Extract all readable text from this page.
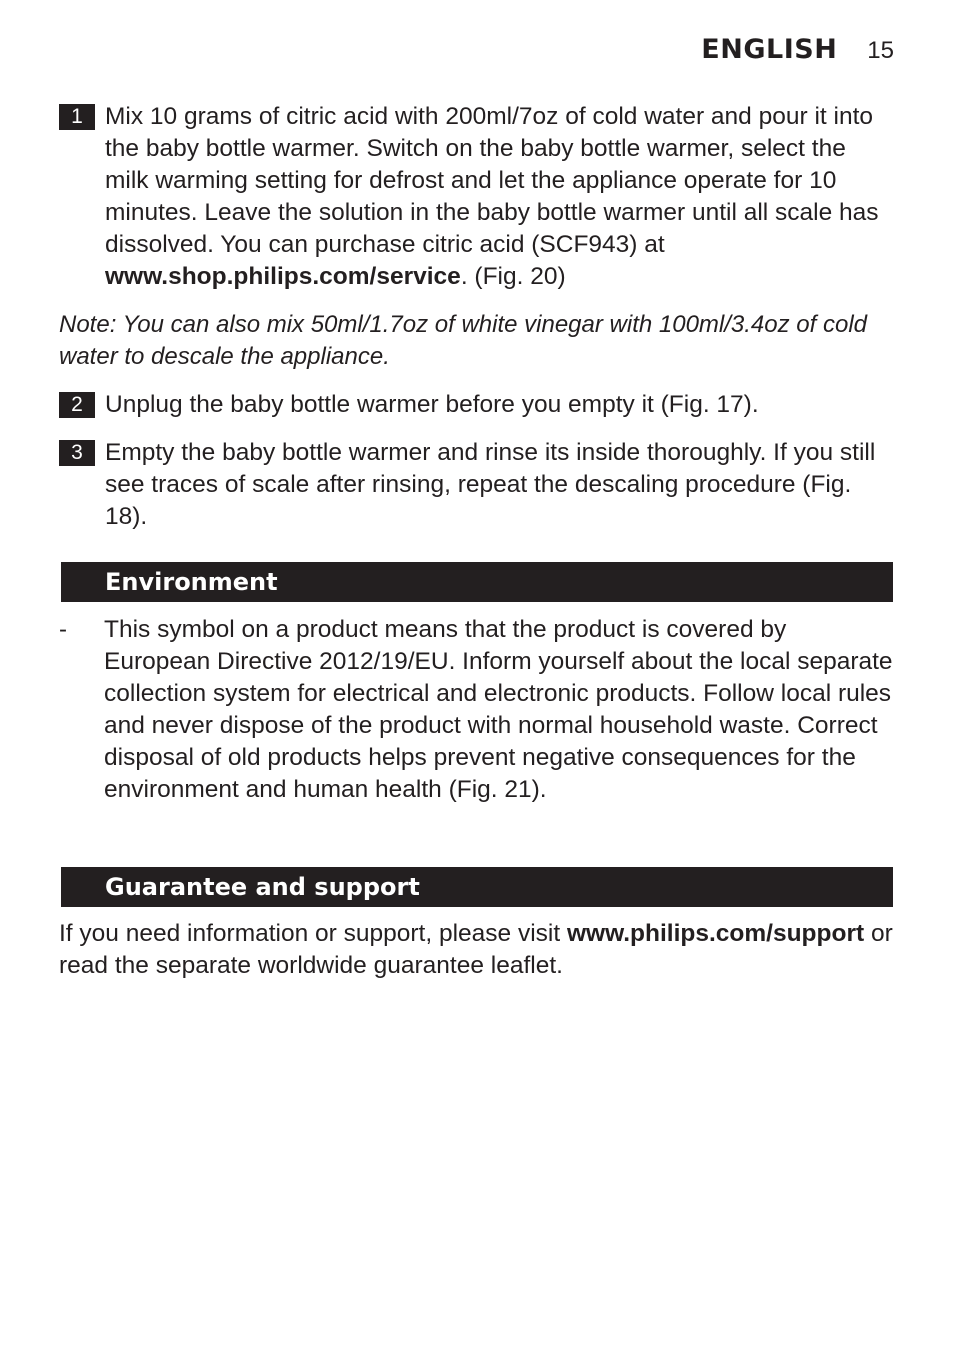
ENGLISH 15
1 Mix 10 grams of citric acid with 200ml/7oz of cold water and pour it into the baby bottle warmer. Switch on the baby bottle warmer, select the milk warming setting for defrost and let the appliance operate for 10 minutes. Leave the solution in the baby bottle warmer until all scale has dissolved. You can purchase citric acid (SCF943) at www.shop.philips.com/service. (Fig. 20)
Note: You can also mix 50ml/1.7oz of white vinegar with 100ml/3.4oz of cold water to descale the appliance.
2 Unplug the baby bottle warmer before you empty it (Fig. 17).
3 Empty the baby bottle warmer and rinse its inside thoroughly. If you still see traces of scale after rinsing, repeat the descaling procedure (Fig. 18).
Environment
-	This symbol on a product means that the product is covered by European Directive 2012/19/EU. Inform yourself about the local separate collection system for electrical and electronic products. Follow local rules and never dispose of the product with normal household waste. Correct disposal of old products helps prevent negative consequences for the environment and human health (Fig. 21).
Guarantee and support
If you need information or support, please visit www.philips.com/support or read the separate worldwide guarantee leaflet.
